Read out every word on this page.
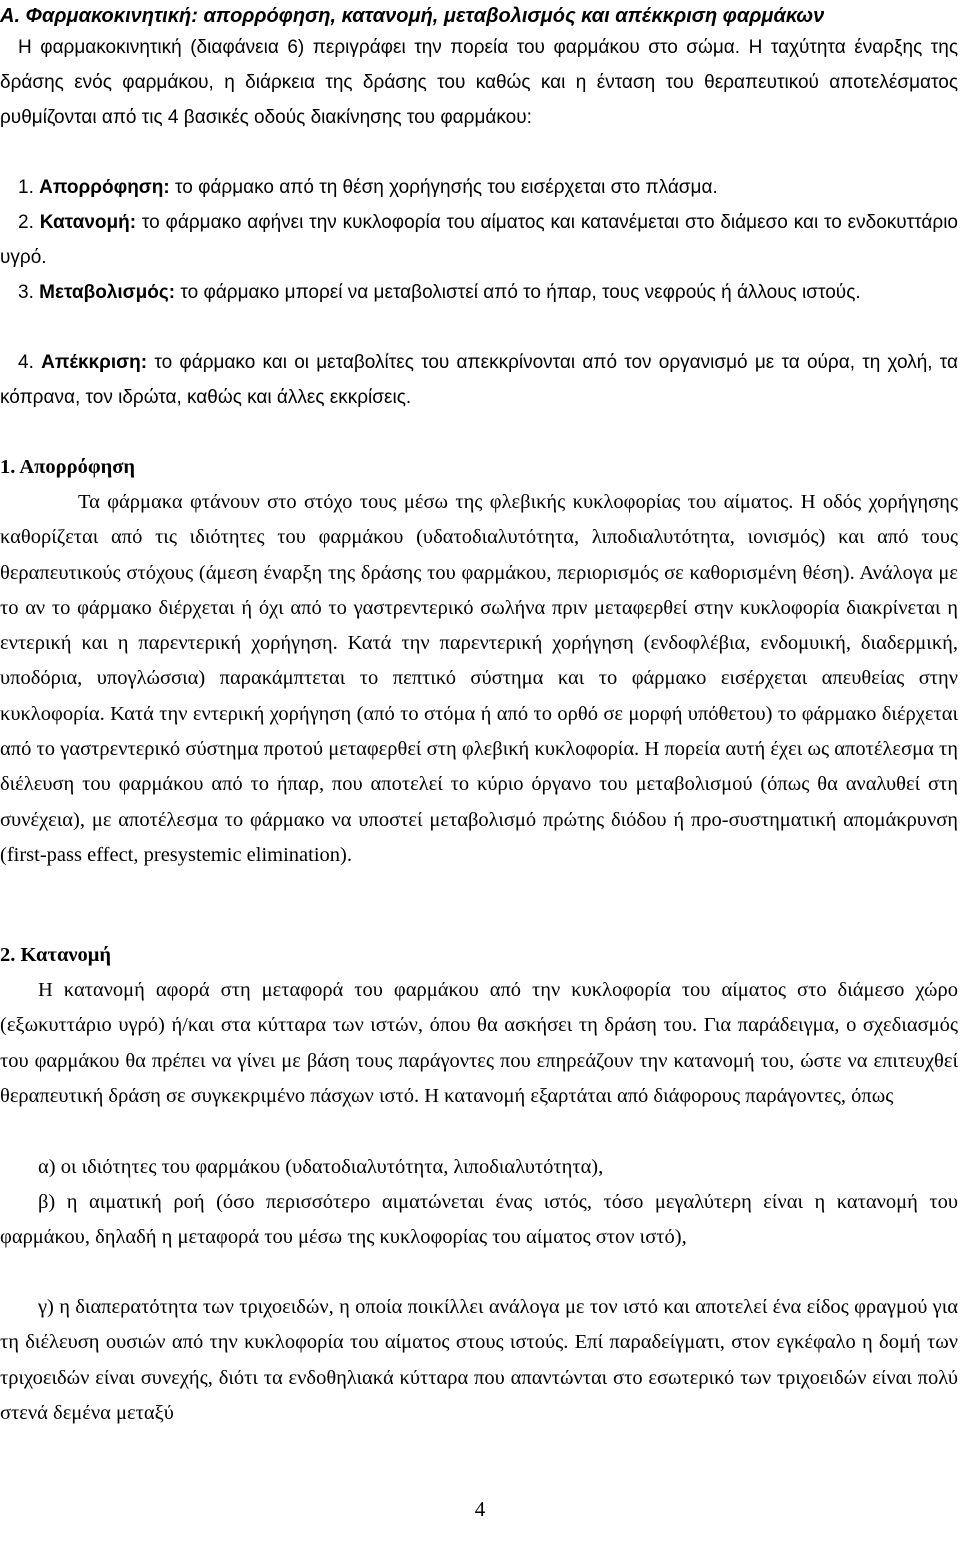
Α. Φαρμακοκινητική: απορρόφηση, κατανομή, μεταβολισμός και απέκκριση φαρμάκων

Η φαρμακοκινητική (διαφάνεια 6) περιγράφει την πορεία του φαρμάκου στο σώμα. Η ταχύτητα έναρξης της δράσης ενός φαρμάκου, η διάρκεια της δράσης του καθώς και η ένταση του θεραπευτικού αποτελέσματος ρυθμίζονται από τις 4 βασικές οδούς διακίνησης του φαρμάκου:

1. Απορρόφηση: το φάρμακο από τη θέση χορήγησής του εισέρχεται στο πλάσμα.

2. Κατανομή: το φάρμακο αφήνει την κυκλοφορία του αίματος και κατανέμεται στο διάμεσο και το ενδοκυττάριο υγρό.

3. Μεταβολισμός: το φάρμακο μπορεί να μεταβολιστεί από το ήπαρ, τους νεφρούς ή άλλους ιστούς.

4. Απέκκριση: το φάρμακο και οι μεταβολίτες του απεκκρίνονται από τον οργανισμό με τα ούρα, τη χολή, τα κόπρανα, τον ιδρώτα, καθώς και άλλες εκκρίσεις.

1. Απορρόφηση

Τα φάρμακα φτάνουν στο στόχο τους μέσω της φλεβικής κυκλοφορίας του αίματος. Η οδός χορήγησης καθορίζεται από τις ιδιότητες του φαρμάκου (υδατοδιαλυτότητα, λιποδιαλυτότητα, ιονισμός) και από τους θεραπευτικούς στόχους (άμεση έναρξη της δράσης του φαρμάκου, περιορισμός σε καθορισμένη θέση). Ανάλογα με το αν το φάρμακο διέρχεται ή όχι από το γαστρεντερικό σωλήνα πριν μεταφερθεί στην κυκλοφορία διακρίνεται η εντερική και η παρεντερική χορήγηση. Κατά την παρεντερική χορήγηση (ενδοφλέβια, ενδομυική, διαδερμική, υποδόρια, υπογλώσσια) παρακάμπτεται το πεπτικό σύστημα και το φάρμακο εισέρχεται απευθείας στην κυκλοφορία. Κατά την εντερική χορήγηση (από το στόμα ή από το ορθό σε μορφή υπόθετου) το φάρμακο διέρχεται από το γαστρεντερικό σύστημα προτού μεταφερθεί στη φλεβική κυκλοφορία. Η πορεία αυτή έχει ως αποτέλεσμα τη διέλευση του φαρμάκου από το ήπαρ, που αποτελεί το κύριο όργανο του μεταβολισμού (όπως θα αναλυθεί στη συνέχεια), με αποτέλεσμα το φάρμακο να υποστεί μεταβολισμό πρώτης διόδου ή προ-συστηματική απομάκρυνση (first-pass effect, presystemic elimination).

2. Κατανομή

Η κατανομή αφορά στη μεταφορά του φαρμάκου από την κυκλοφορία του αίματος στο διάμεσο χώρο (εξωκυττάριο υγρό) ή/και στα κύτταρα των ιστών, όπου θα ασκήσει τη δράση του. Για παράδειγμα, ο σχεδιασμός του φαρμάκου θα πρέπει να γίνει με βάση τους παράγοντες που επηρεάζουν την κατανομή του, ώστε να επιτευχθεί θεραπευτική δράση σε συγκεκριμένο πάσχων ιστό. Η κατανομή εξαρτάται από διάφορους παράγοντες, όπως

α) οι ιδιότητες του φαρμάκου (υδατοδιαλυτότητα, λιποδιαλυτότητα),

β) η αιματική ροή (όσο περισσότερο αιματώνεται ένας ιστός, τόσο μεγαλύτερη είναι η κατανομή του φαρμάκου, δηλαδή η μεταφορά του μέσω της κυκλοφορίας του αίματος στον ιστό),

γ) η διαπερατότητα των τριχοειδών, η οποία ποικίλλει ανάλογα με τον ιστό και αποτελεί ένα είδος φραγμού για τη διέλευση ουσιών από την κυκλοφορία του αίματος στους ιστούς. Επί παραδείγματι, στον εγκέφαλο η δομή των τριχοειδών είναι συνεχής, διότι τα ενδοθηλιακά κύτταρα που απαντώνται στο εσωτερικό των τριχοειδών είναι πολύ στενά δεμένα μεταξύ

4
